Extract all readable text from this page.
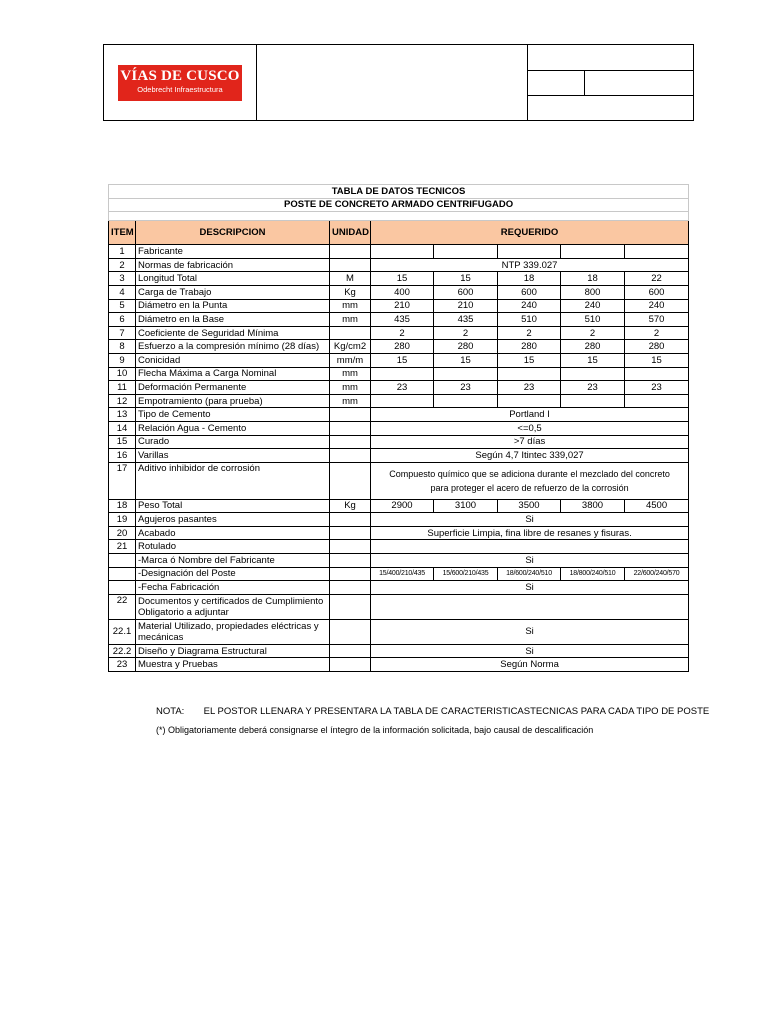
VÍAS DE CUSCO
Odebrecht Infraestructura
TABLA DE DATOS TECNICOS							
POSTE DE CONCRETO ARMADO CENTRIFUGADO							

ITEM	DESCRIPCION	UNIDAD	REQUERIDO				
1	Fabricante						
2	Normas de fabricación		NTP 339.027				
3	Longitud Total	M	15	15	18	18	22
4	Carga de Trabajo	Kg	400	600	600	800	600
5	Diámetro en la Punta	mm	210	210	240	240	240
6	Diámetro en la Base	mm	435	435	510	510	570
7	Coeficiente de Seguridad Mínima		2	2	2	2	2
8	Esfuerzo a la compresión mínimo (28 días)	Kg/cm2	280	280	280	280	280
9	Conicidad	mm/m	15	15	15	15	15
10	Flecha Máxima a Carga Nominal	mm					
11	Deformación Permanente	mm	23	23	23	23	23
12	Empotramiento (para prueba)	mm					
13	Tipo de Cemento		Portland I				
14	Relación Agua - Cemento		<=0,5				
15	Curado		>7 días				
16	Varillas		Según 4,7 Itintec 339,027				
17	Aditivo inhibidor de corrosión		Compuesto químico que se adiciona durante el mezclado del concreto para proteger el acero de refuerzo de la corrosión				
18	Peso Total	Kg	2900	3100	3500	3800	4500
19	Agujeros pasantes		Si				
20	Acabado		Superficie Limpia, fina libre de resanes y fisuras.				
21	Rotulado						
	-Marca ó Nombre del Fabricante		Si				
	-Designación del Poste		15/400/210/435	15/600/210/435	18/600/240/510	18/800/240/510	22/600/240/570
	-Fecha Fabricación		Si				
22	Documentos y certificados de Cumplimiento Obligatorio a adjuntar						
22.1	Material Utilizado, propiedades eléctricas y mecánicas		Si				
22.2	Diseño y Diagrama Estructural		Si				
23	Muestra y Pruebas		Según Norma				
NOTA: EL POSTOR LLENARA Y PRESENTARA LA TABLA DE CARACTERISTICASTECNICAS PARA CADA TIPO DE POSTE
(*) Obligatoriamente deberá consignarse el íntegro de la información solicitada, bajo causal de descalificación
